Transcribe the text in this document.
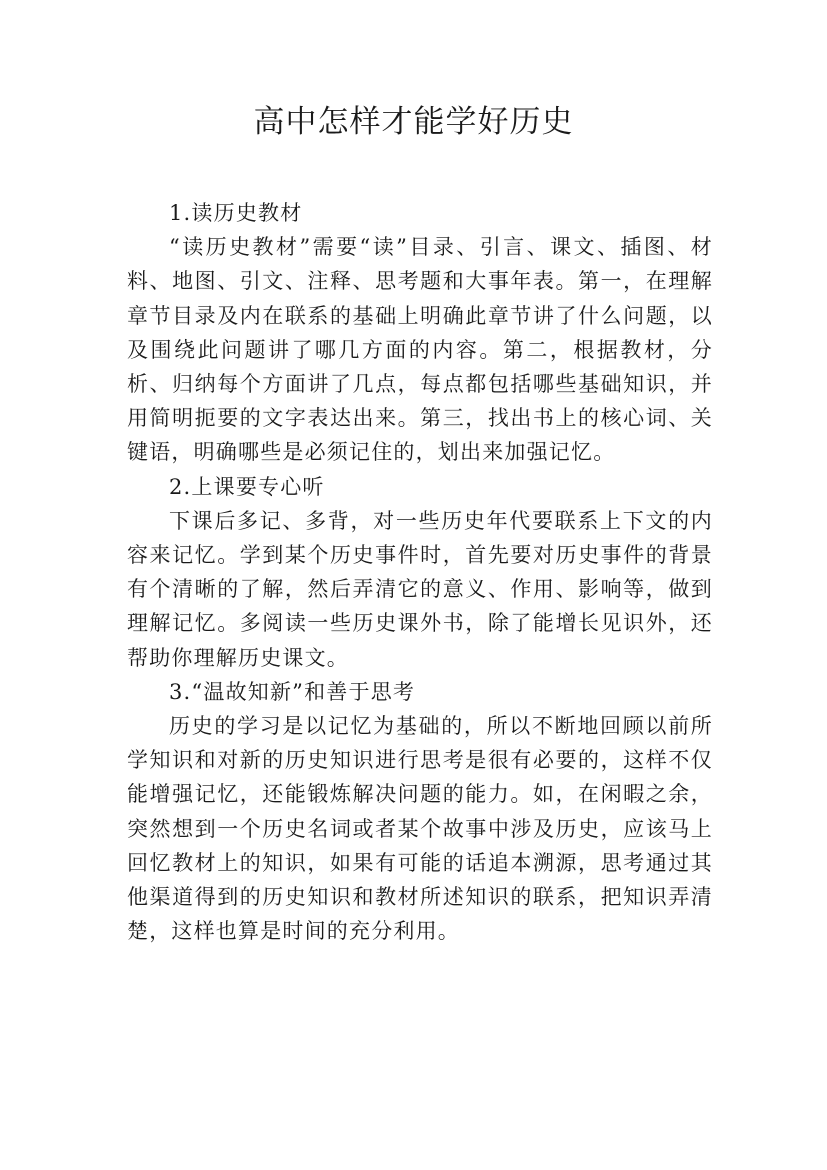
高中怎样才能学好历史

1.读历史教材

“读历史教材”需要“读”目录、引言、课文、插图、材料、地图、引文、注释、思考题和大事年表。第一，在理解章节目录及内在联系的基础上明确此章节讲了什么问题，以及围绕此问题讲了哪几方面的内容。第二，根据教材，分析、归纳每个方面讲了几点，每点都包括哪些基础知识，并用简明扼要的文字表达出来。第三，找出书上的核心词、关键语，明确哪些是必须记住的，划出来加强记忆。

2.上课要专心听

下课后多记、多背，对一些历史年代要联系上下文的内容来记忆。学到某个历史事件时，首先要对历史事件的背景有个清晰的了解，然后弄清它的意义、作用、影响等，做到理解记忆。多阅读一些历史课外书，除了能增长见识外，还帮助你理解历史课文。

3.“温故知新”和善于思考

历史的学习是以记忆为基础的，所以不断地回顾以前所学知识和对新的历史知识进行思考是很有必要的，这样不仅能增强记忆，还能锻炼解决问题的能力。如，在闲暇之余，突然想到一个历史名词或者某个故事中涉及历史，应该马上回忆教材上的知识，如果有可能的话追本溯源，思考通过其他渠道得到的历史知识和教材所述知识的联系，把知识弄清楚，这样也算是时间的充分利用。
